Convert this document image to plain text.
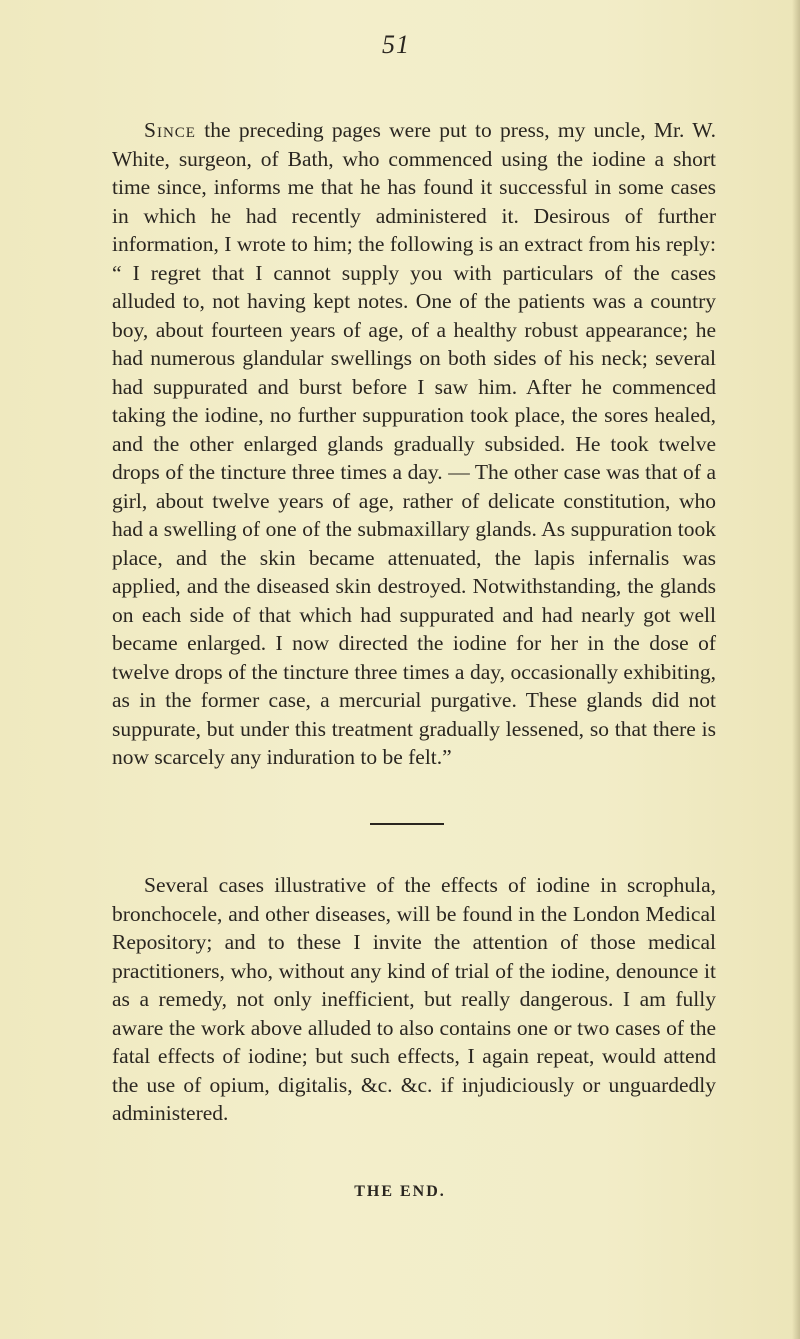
51

Since the preceding pages were put to press, my uncle, Mr. W. White, surgeon, of Bath, who commenced using the iodine a short time since, informs me that he has found it successful in some cases in which he had recently administered it. Desirous of further information, I wrote to him; the following is an extract from his reply: “ I regret that I cannot supply you with particulars of the cases alluded to, not having kept notes. One of the patients was a country boy, about fourteen years of age, of a healthy robust appearance; he had numerous glandular swellings on both sides of his neck; several had suppurated and burst before I saw him. After he commenced taking the iodine, no further suppuration took place, the sores healed, and the other enlarged glands gradually subsided. He took twelve drops of the tincture three times a day. — The other case was that of a girl, about twelve years of age, rather of delicate constitution, who had a swelling of one of the submaxillary glands. As suppuration took place, and the skin became attenuated, the lapis infernalis was applied, and the diseased skin destroyed. Notwithstanding, the glands on each side of that which had suppurated and had nearly got well became enlarged. I now directed the iodine for her in the dose of twelve drops of the tincture three times a day, occasionally exhibiting, as in the former case, a mercurial purgative. These glands did not suppurate, but under this treatment gradually lessened, so that there is now scarcely any induration to be felt.”

Several cases illustrative of the effects of iodine in scrophula, bronchocele, and other diseases, will be found in the London Medical Repository; and to these I invite the attention of those medical practitioners, who, without any kind of trial of the iodine, denounce it as a remedy, not only inefficient, but really dangerous. I am fully aware the work above alluded to also contains one or two cases of the fatal effects of iodine; but such effects, I again repeat, would attend the use of opium, digitalis, &c. &c. if injudiciously or unguardedly administered.

THE END.
